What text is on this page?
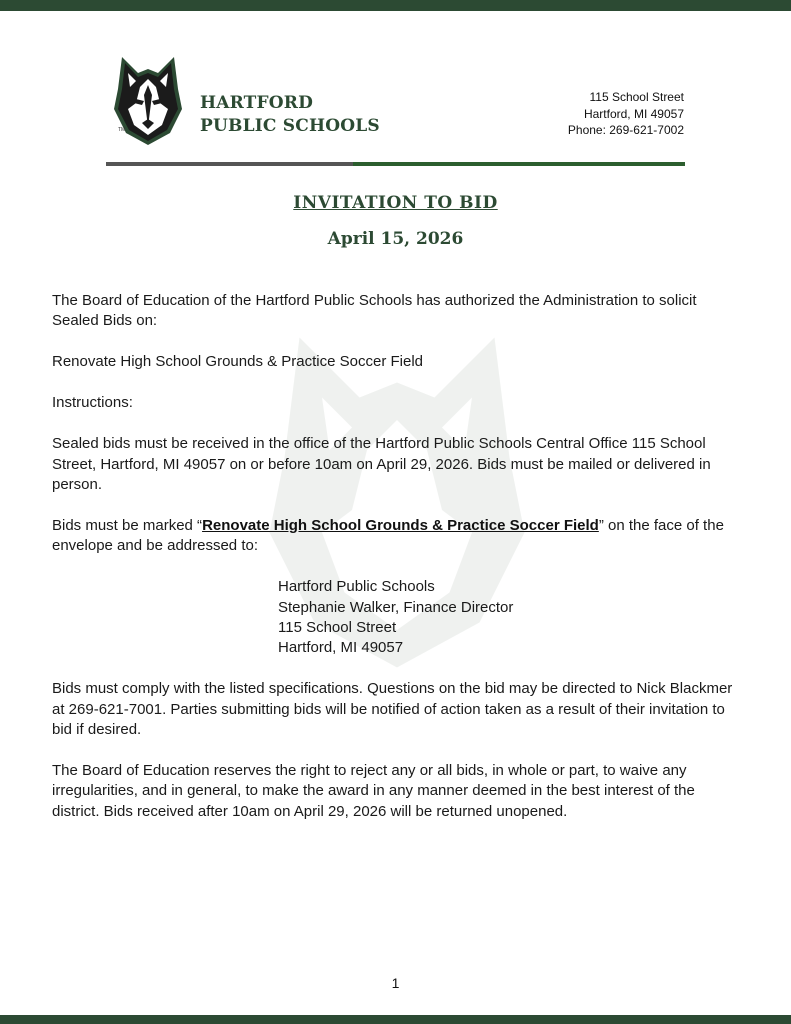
TM
HARTFORD
PUBLIC SCHOOLS
115 School Street
Hartford, MI 49057
Phone: 269-621-7002
INVITATION TO BID
April 15, 2026

The Board of Education of the Hartford Public Schools has authorized the Administration to solicit Sealed Bids on:

Renovate High School Grounds & Practice Soccer Field

Instructions:

Sealed bids must be received in the office of the Hartford Public Schools Central Office 115 School Street, Hartford, MI 49057 on or before 10am on April 29, 2026. Bids must be mailed or delivered in person.

Bids must be marked “Renovate High School Grounds & Practice Soccer Field” on the face of the envelope and be addressed to:

Hartford Public Schools
Stephanie Walker, Finance Director
115 School Street
Hartford, MI 49057

Bids must comply with the listed specifications. Questions on the bid may be directed to Nick Blackmer at 269-621-7001. Parties submitting bids will be notified of action taken as a result of their invitation to bid if desired.

The Board of Education reserves the right to reject any or all bids, in whole or part, to waive any irregularities, and in general, to make the award in any manner deemed in the best interest of the district. Bids received after 10am on April 29, 2026 will be returned unopened.

1
